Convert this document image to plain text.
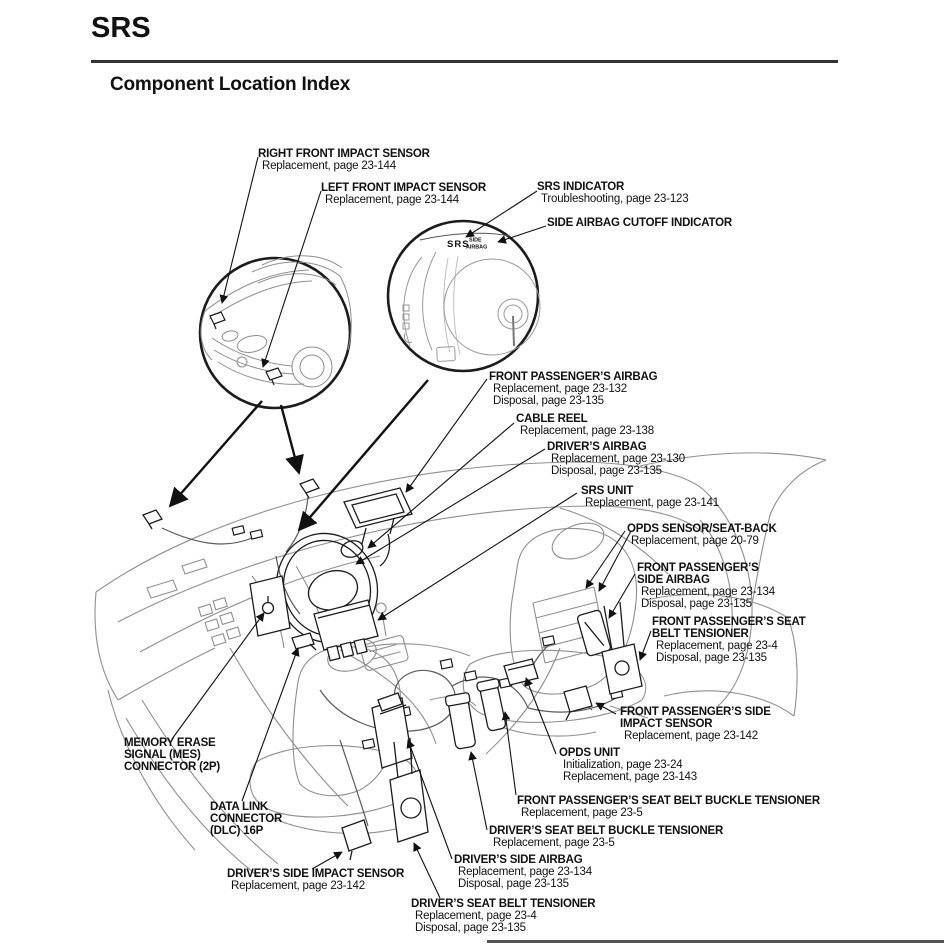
SRS
Component Location Index
SRS SIDE
AIRBAG
RIGHT FRONT IMPACT SENSOR
Replacement, page 23-144
LEFT FRONT IMPACT SENSOR
Replacement, page 23-144
SRS INDICATOR
Troubleshooting, page 23-123
SIDE AIRBAG CUTOFF INDICATOR
FRONT PASSENGER’S AIRBAG
Replacement, page 23-132
Disposal, page 23-135
CABLE REEL
Replacement, page 23-138
DRIVER’S AIRBAG
Replacement, page 23-130
Disposal, page 23-135
SRS UNIT
Replacement, page 23-141
OPDS SENSOR/SEAT-BACK
Replacement, page 20-79
FRONT PASSENGER’S
SIDE AIRBAG
Replacement, page 23-134
Disposal, page 23-135
FRONT PASSENGER’S SEAT
BELT TENSIONER
Replacement, page 23-4
Disposal, page 23-135
FRONT PASSENGER’S SIDE
IMPACT SENSOR
Replacement, page 23-142
OPDS UNIT
Initialization, page 23-24
Replacement, page 23-143
FRONT PASSENGER’S SEAT BELT BUCKLE TENSIONER
Replacement, page 23-5
DRIVER’S SEAT BELT BUCKLE TENSIONER
Replacement, page 23-5
DRIVER’S SIDE AIRBAG
Replacement, page 23-134
Disposal, page 23-135
DRIVER’S SEAT BELT TENSIONER
Replacement, page 23-4
Disposal, page 23-135
MEMORY ERASE
SIGNAL (MES)
CONNECTOR (2P)
DATA LINK
CONNECTOR
(DLC) 16P
DRIVER’S SIDE IMPACT SENSOR
Replacement, page 23-142
